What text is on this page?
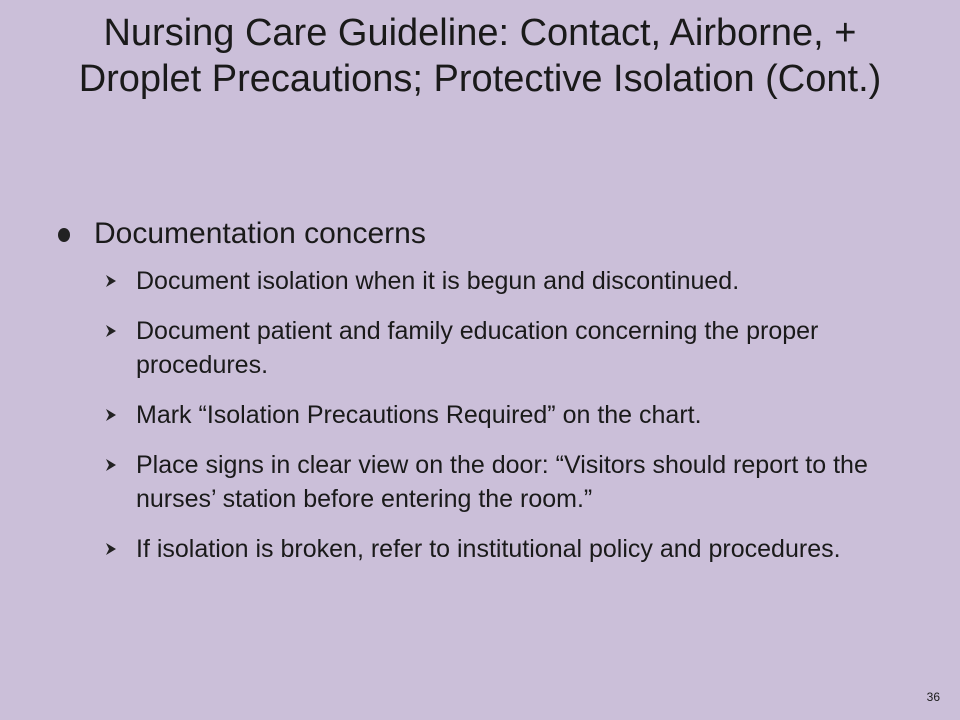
Nursing Care Guideline: Contact, Airborne, + Droplet Precautions; Protective Isolation (Cont.)
Documentation concerns
Document isolation when it is begun and discontinued.
Document patient and family education concerning the proper procedures.
Mark “Isolation Precautions Required” on the chart.
Place signs in clear view on the door: “Visitors should report to the nurses’ station before entering the room.”
If isolation is broken, refer to institutional policy and procedures.
36
